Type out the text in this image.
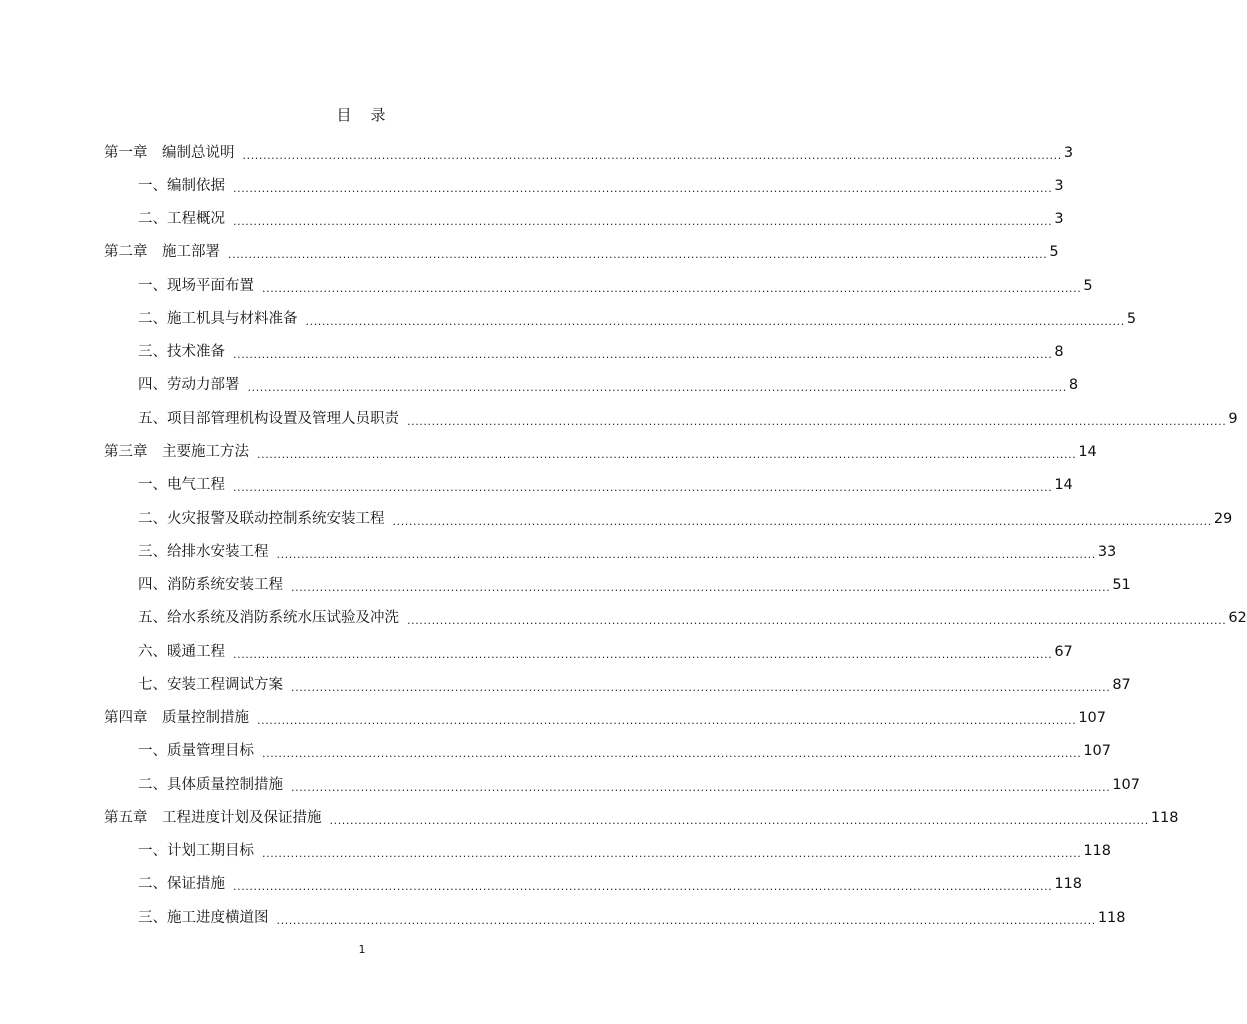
目　录
第一章　编制总说明 ........................................................................................................................................................................................................ 3
一、编制依据 ........................................................................................................................................................................................................ 3
二、工程概况 ........................................................................................................................................................................................................ 3
第二章　施工部署 ........................................................................................................................................................................................................ 5
一、现场平面布置 ........................................................................................................................................................................................................ 5
二、施工机具与材料准备 ........................................................................................................................................................................................................ 5
三、技术准备 ........................................................................................................................................................................................................ 8
四、劳动力部署 ........................................................................................................................................................................................................ 8
五、项目部管理机构设置及管理人员职责 ........................................................................................................................................................................................................ 9
第三章　主要施工方法 ........................................................................................................................................................................................................ 14
一、电气工程 ........................................................................................................................................................................................................ 14
二、火灾报警及联动控制系统安装工程 ........................................................................................................................................................................................................ 29
三、给排水安装工程 ........................................................................................................................................................................................................ 33
四、消防系统安装工程 ........................................................................................................................................................................................................ 51
五、给水系统及消防系统水压试验及冲洗 ........................................................................................................................................................................................................ 62
六、暖通工程 ........................................................................................................................................................................................................ 67
七、安装工程调试方案 ........................................................................................................................................................................................................ 87
第四章　质量控制措施 ........................................................................................................................................................................................................ 107
一、质量管理目标 ........................................................................................................................................................................................................ 107
二、具体质量控制措施 ........................................................................................................................................................................................................ 107
第五章　工程进度计划及保证措施 ........................................................................................................................................................................................................ 118
一、计划工期目标 ........................................................................................................................................................................................................ 118
二、保证措施 ........................................................................................................................................................................................................ 118
三、施工进度横道图 ........................................................................................................................................................................................................ 118
1
